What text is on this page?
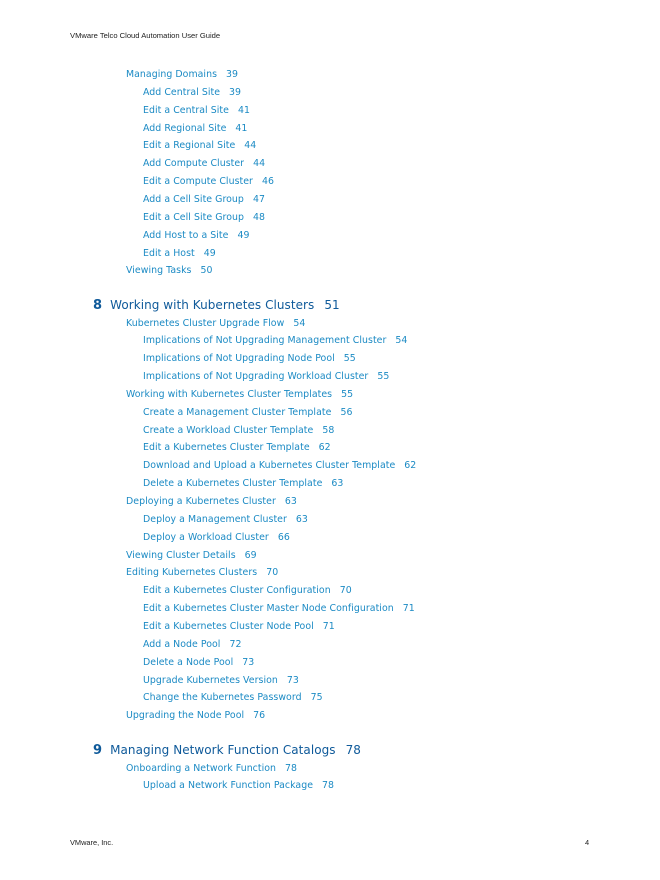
VMware Telco Cloud Automation User Guide
Managing Domains 39
Add Central Site 39
Edit a Central Site 41
Add Regional Site 41
Edit a Regional Site 44
Add Compute Cluster 44
Edit a Compute Cluster 46
Add a Cell Site Group 47
Edit a Cell Site Group 48
Add Host to a Site 49
Edit a Host 49
Viewing Tasks 50
8 Working with Kubernetes Clusters 51
Kubernetes Cluster Upgrade Flow 54
Implications of Not Upgrading Management Cluster 54
Implications of Not Upgrading Node Pool 55
Implications of Not Upgrading Workload Cluster 55
Working with Kubernetes Cluster Templates 55
Create a Management Cluster Template 56
Create a Workload Cluster Template 58
Edit a Kubernetes Cluster Template 62
Download and Upload a Kubernetes Cluster Template 62
Delete a Kubernetes Cluster Template 63
Deploying a Kubernetes Cluster 63
Deploy a Management Cluster 63
Deploy a Workload Cluster 66
Viewing Cluster Details 69
Editing Kubernetes Clusters 70
Edit a Kubernetes Cluster Configuration 70
Edit a Kubernetes Cluster Master Node Configuration 71
Edit a Kubernetes Cluster Node Pool 71
Add a Node Pool 72
Delete a Node Pool 73
Upgrade Kubernetes Version 73
Change the Kubernetes Password 75
Upgrading the Node Pool 76
9 Managing Network Function Catalogs 78
Onboarding a Network Function 78
Upload a Network Function Package 78
VMware, Inc.	4
